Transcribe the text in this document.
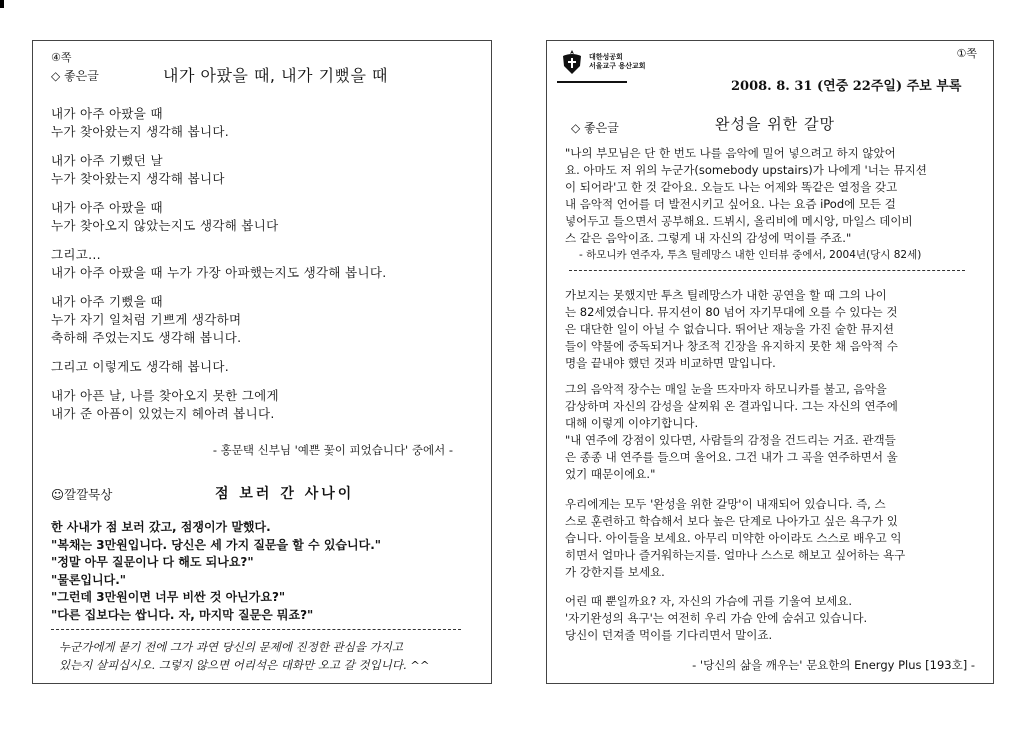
④쪽
◇ 좋은글	내가 아팠을 때, 내가 기뻤을 때
내가 아주 아팠을 때
누가 찾아왔는지 생각해 봅니다.
내가 아주 기뻤던 날
누가 찾아왔는지 생각해 봅니다
내가 아주 아팠을 때
누가 찾아오지 않았는지도 생각해 봅니다
그리고...
내가 아주 아팠을 때 누가 가장 아파했는지도 생각해 봅니다.
내가 아주 기뻤을 때
누가 자기 일처럼 기쁘게 생각하며
축하해 주었는지도 생각해 봅니다.
그리고 이렇게도 생각해 봅니다.
내가 아픈 날, 나를 찾아오지 못한 그에게
내가 준 아픔이 있었는지 헤아려 봅니다.
- 홍문택 신부님 '예쁜 꽃이 피었습니다' 중에서 -
☺깔깔묵상	점 보러 간 사나이
한 사내가 점 보러 갔고, 점쟁이가 말했다.
"복채는 3만원입니다. 당신은 세 가지 질문을 할 수 있습니다."
"정말 아무 질문이나 다 해도 되나요?"
"물론입니다."
"그런데 3만원이면 너무 비싼 것 아닌가요?"
"다른 집보다는 쌉니다. 자, 마지막 질문은 뭐죠?"
누군가에게 묻기 전에 그가 과연 당신의 문제에 진정한 관심을 가지고
있는지 살피십시오. 그렇지 않으면 어리석은 대화만 오고 갈 것입니다. ^^
①쪽
대한성공회
서울교구 용산교회
2008. 8. 31 (연중 22주일) 주보 부록
◇ 좋은글	완성을 위한 갈망
"나의 부모님은 단 한 번도 나를 음악에 밀어 넣으려고 하지 않았어
요. 아마도 저 위의 누군가(somebody upstairs)가 나에게 '너는 뮤지션
이 되어라'고 한 것 같아요. 오늘도 나는 어제와 똑같은 열정을 갖고
내 음악적 언어를 더 발전시키고 싶어요. 나는 요즘 iPod에 모든 걸
넣어두고 들으면서 공부해요. 드뷔시, 올리비에 메시앙, 마일스 데이비
스 같은 음악이죠. 그렇게 내 자신의 감성에 먹이를 주죠."
- 하모니카 연주자, 투츠 틸레망스 내한 인터뷰 중에서, 2004년(당시 82세)
가보지는 못했지만 투츠 틸레망스가 내한 공연을 할 때 그의 나이
는 82세였습니다. 뮤지션이 80 넘어 자기무대에 오를 수 있다는 것
은 대단한 일이 아닐 수 없습니다. 뛰어난 재능을 가진 숱한 뮤지션
들이 약물에 중독되거나 창조적 긴장을 유지하지 못한 채 음악적 수
명을 끝내야 했던 것과 비교하면 말입니다.
그의 음악적 장수는 매일 눈을 뜨자마자 하모니카를 불고, 음악을
감상하며 자신의 감성을 살찌워 온 결과입니다. 그는 자신의 연주에
대해 이렇게 이야기합니다.
"내 연주에 강점이 있다면, 사람들의 감정을 건드리는 거죠. 관객들
은 종종 내 연주를 들으며 울어요. 그건 내가 그 곡을 연주하면서 울
었기 때문이에요."
우리에게는 모두 '완성을 위한 갈망'이 내재되어 있습니다. 즉, 스
스로 훈련하고 학습해서 보다 높은 단계로 나아가고 싶은 욕구가 있
습니다. 아이들을 보세요. 아무리 미약한 아이라도 스스로 배우고 익
히면서 얼마나 즐거워하는지를. 얼마나 스스로 해보고 싶어하는 욕구
가 강한지를 보세요.
어린 때 뿐일까요? 자, 자신의 가슴에 귀를 기울여 보세요.
'자기완성의 욕구'는 여전히 우리 가슴 안에 숨쉬고 있습니다.
당신이 던져줄 먹이를 기다리면서 말이죠.
- '당신의 삶을 깨우는' 문요한의 Energy Plus [193호] -
